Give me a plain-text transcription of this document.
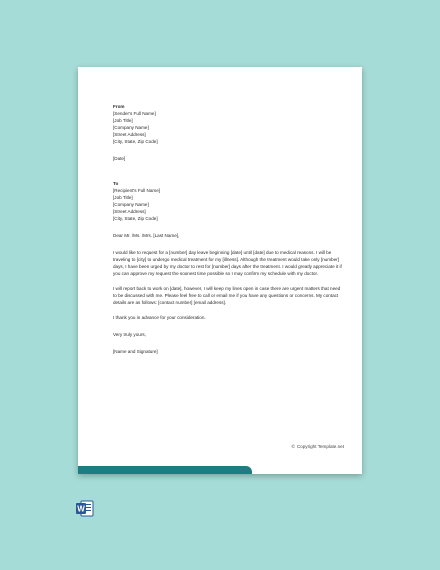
From
[Sender's Full Name]
[Job Title]
[Company Name]
[Street Address]
[City, State, Zip Code]
[Date]
To
[Recipient's Full Name]
[Job Title]
[Company Name]
[Street Address]
[City, State, Zip Code]
Dear Mr. /Ms. /Mrs. [Last Name],

I would like to request for a [number] day leave beginning [date] until [date] due to medical reasons. I will be traveling to [city] to undergo medical treatment for my [illness]. Although the treatment would take only [number] days, I have been urged by my doctor to rest for [number] days after the treatment. I would greatly appreciate it if you can approve my request the soonest time possible so I may confirm my schedule with my doctor.

I will report back to work on [date], however, I will keep my lines open in case there are urgent matters that need to be discussed with me. Please feel free to call or email me if you have any questions or concerns. My contact details are as follows: [contact number] [email address].

I thank you in advance for your consideration.

Very truly yours,
[Name and Signature]
© Copyright Template.net
W
